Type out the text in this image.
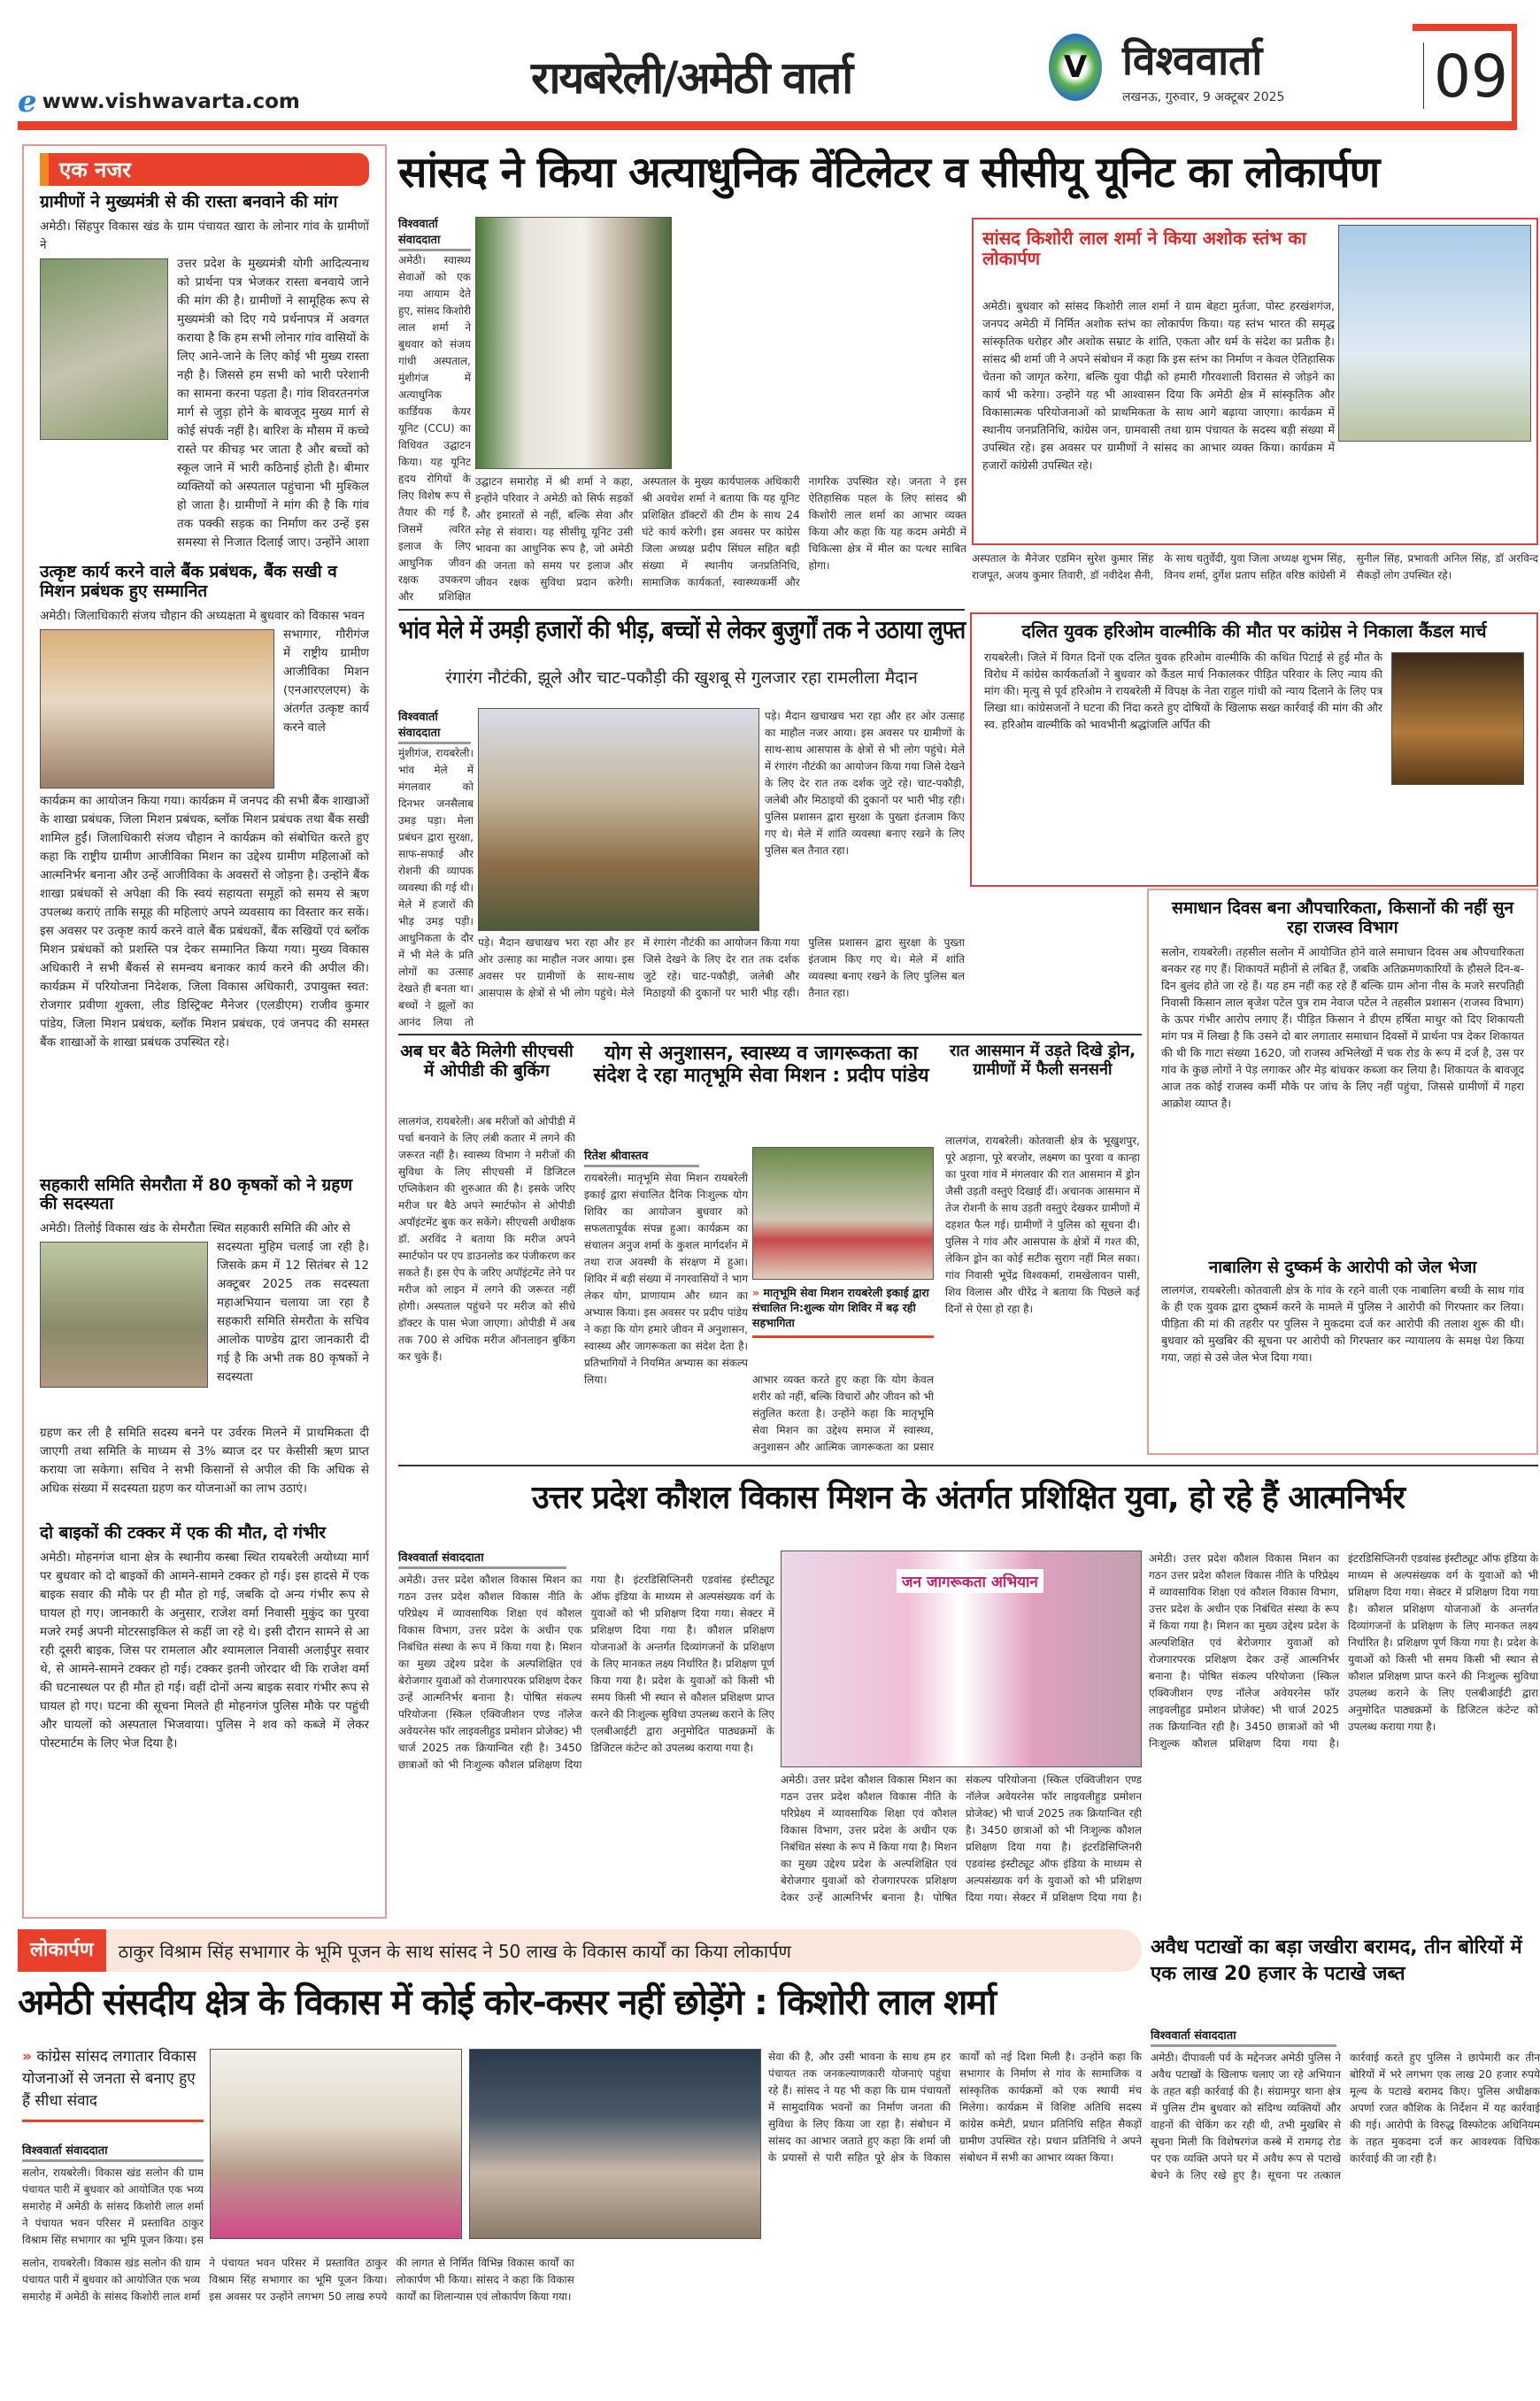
e www.vishwavarta.com	रायबरेली/अमेठी वार्ता	V विश्ववार्ता
लखनऊ, गुरुवार, 9 अक्टूबर 2025	09
एक नजर
ग्रामीणों ने मुख्यमंत्री से की रास्ता बनवाने की मांग
अमेठी। सिंहपुर विकास खंड के ग्राम पंचायत खारा के लोनार गांव के ग्रामीणों ने
उत्तर प्रदेश के मुख्यमंत्री योगी आदित्यनाथ को प्रार्थना पत्र भेजकर रास्ता बनवाये जाने की मांग की है। ग्रामीणों ने सामूहिक रूप से मुख्यमंत्री को दिए गये प्रर्थनापत्र में अवगत कराया है कि हम सभी लोनार गांव वासियों के लिए आने-जाने के लिए कोई भी मुख्य रास्ता नही है। जिससे हम सभी को भारी परेशानी का सामना करना पड़ता है। गांव शिवरतनगंज मार्ग से जुड़ा होने के बावजूद मुख्य मार्ग से कोई संपर्क नहीं है। बारिश के मौसम में कच्चे रास्ते पर कीचड़ भर जाता है और बच्चों को स्कूल जाने में भारी कठिनाई होती है। बीमार व्यक्तियों को अस्पताल पहुंचाना भी मुश्किल हो जाता है। ग्रामीणों ने मांग की है कि गांव तक पक्की सड़क का निर्माण कर उन्हें इस समस्या से निजात दिलाई जाए। उन्होंने आशा
उत्कृष्ट कार्य करने वाले बैंक प्रबंधक, बैंक सखी व मिशन प्रबंधक हुए सम्मानित
अमेठी। जिलाधिकारी संजय चौहान की अध्यक्षता मे बुधवार को विकास भवन
सभागार, गौरीगंज में राष्ट्रीय ग्रामीण आजीविका मिशन (एनआरएलएम) के अंतर्गत उत्कृष्ट कार्य करने वाले
कार्यक्रम का आयोजन किया गया। कार्यक्रम में जनपद की सभी बैंक शाखाओं के शाखा प्रबंधक, जिला मिशन प्रबंधक, ब्लॉक मिशन प्रबंधक तथा बैंक सखी शामिल हुईं। जिलाधिकारी संजय चौहान ने कार्यक्रम को संबोधित करते हुए कहा कि राष्ट्रीय ग्रामीण आजीविका मिशन का उद्देश्य ग्रामीण महिलाओं को आत्मनिर्भर बनाना और उन्हें आजीविका के अवसरों से जोड़ना है। उन्होंने बैंक शाखा प्रबंधकों से अपेक्षा की कि स्वयं सहायता समूहों को समय से ऋण उपलब्ध कराएं ताकि समूह की महिलाएं अपने व्यवसाय का विस्तार कर सकें। इस अवसर पर उत्कृष्ट कार्य करने वाले बैंक प्रबंधकों, बैंक सखियों एवं ब्लॉक मिशन प्रबंधकों को प्रशस्ति पत्र देकर सम्मानित किया गया। मुख्य विकास अधिकारी ने सभी बैंकर्स से समन्वय बनाकर कार्य करने की अपील की। कार्यक्रम में परियोजना निदेशक, जिला विकास अधिकारी, उपायुक्त स्वत: रोजगार प्रवीणा शुक्ला, लीड डिस्ट्रिक्ट मैनेजर (एलडीएम) राजीव कुमार पांडेय, जिला मिशन प्रबंधक, ब्लॉक मिशन प्रबंधक, एवं जनपद की समस्त बैंक शाखाओं के शाखा प्रबंधक उपस्थित रहे।
सहकारी समिति सेमरौता में 80 कृषकों को ने ग्रहण की सदस्यता
अमेठी। तिलोई विकास खंड के सेमरौता स्थित सहकारी समिति की ओर से
सदस्यता मुहिम चलाई जा रही है। जिसके क्रम में 12 सितंबर से 12 अक्टूबर 2025 तक सदस्यता महाअभियान चलाया जा रहा है सहकारी समिति सेमरौता के सचिव आलोक पाण्डेय द्वारा जानकारी दी गई है कि अभी तक 80 कृषकों ने सदस्यता
ग्रहण कर ली है समिति सदस्य बनने पर उर्वरक मिलने में प्राथमिकता दी जाएगी तथा समिति के माध्यम से 3% ब्याज दर पर केसीसी ऋण प्राप्त कराया जा सकेगा। सचिव ने सभी किसानों से अपील की कि अधिक से अधिक संख्या में सदस्यता ग्रहण कर योजनाओं का लाभ उठाएं।
दो बाइकों की टक्कर में एक की मौत, दो गंभीर
अमेठी। मोहनगंज थाना क्षेत्र के स्थानीय कस्बा स्थित रायबरेली अयोध्या मार्ग पर बुधवार को दो बाइकों की आमने-सामने टक्कर हो गई। इस हादसे में एक बाइक सवार की मौके पर ही मौत हो गई, जबकि दो अन्य गंभीर रूप से घायल हो गए। जानकारी के अनुसार, राजेश वर्मा निवासी मुकुंद का पुरवा मजरे रमई अपनी मोटरसाइकिल से कहीं जा रहे थे। इसी दौरान सामने से आ रही दूसरी बाइक, जिस पर रामलाल और श्यामलाल निवासी अलाईपुर सवार थे, से आमने-सामने टक्कर हो गई। टक्कर इतनी जोरदार थी कि राजेश वर्मा की घटनास्थल पर ही मौत हो गई। वहीं दोनों अन्य बाइक सवार गंभीर रूप से घायल हो गए। घटना की सूचना मिलते ही मोहनगंज पुलिस मौके पर पहुंची और घायलों को अस्पताल भिजवाया। पुलिस ने शव को कब्जे में लेकर पोस्टमार्टम के लिए भेज दिया है।
सांसद ने किया अत्याधुनिक वेंटिलेटर व सीसीयू यूनिट का लोकार्पण
विश्ववार्ता संवाददाता
अमेठी। स्वास्थ्य सेवाओं को एक नया आयाम देते हुए, सांसद किशोरी लाल शर्मा ने बुधवार को संजय गांधी अस्पताल, मुंशीगंज में अत्याधुनिक कार्डियक केयर यूनिट (CCU) का विधिवत उद्घाटन किया। यह यूनिट हृदय रोगियों के लिए विशेष रूप से तैयार की गई है, जिसमें त्वरित इलाज के लिए आधुनिक जीवन रक्षक उपकरण और प्रशिक्षित
उद्घाटन समारोह में श्री शर्मा ने कहा, इन्होंने परिवार ने अमेठी को सिर्फ सड़कों और इमारतों से नहीं, बल्कि सेवा और स्नेह से संवारा। यह सीसीयू यूनिट उसी भावना का आधुनिक रूप है, जो अमेठी की जनता को समय पर इलाज और जीवन रक्षक सुविधा प्रदान करेगी। अस्पताल के मुख्य कार्यपालक अधिकारी श्री अवधेश शर्मा ने बताया कि यह यूनिट प्रशिक्षित डॉक्टरों की टीम के साथ 24 घंटे कार्य करेगी। इस अवसर पर कांग्रेस जिला अध्यक्ष प्रदीप सिंघल सहित बड़ी संख्या में स्थानीय जनप्रतिनिधि, सामाजिक कार्यकर्ता, स्वास्थ्यकर्मी और नागरिक उपस्थित रहे। जनता ने इस ऐतिहासिक पहल के लिए सांसद श्री किशोरी लाल शर्मा का आभार व्यक्त किया और कहा कि यह कदम अमेठी में चिकित्सा क्षेत्र में मील का पत्थर साबित होगा।
सांसद किशोरी लाल शर्मा ने किया अशोक स्तंभ का लोकार्पण
अमेठी। बुधवार को सांसद किशोरी लाल शर्मा ने ग्राम बेहटा मुर्तजा, पोस्ट हरखंशगंज, जनपद अमेठी में निर्मित अशोक स्तंभ का लोकार्पण किया। यह स्तंभ भारत की समृद्ध सांस्कृतिक धरोहर और अशोक सम्राट के शांति, एकता और धर्म के संदेश का प्रतीक है। सांसद श्री शर्मा जी ने अपने संबोधन में कहा कि इस स्तंभ का निर्माण न केवल ऐतिहासिक चेतना को जागृत करेगा, बल्कि युवा पीढ़ी को हमारी गौरवशाली विरासत से जोड़ने का कार्य भी करेगा। उन्होंने यह भी आश्वासन दिया कि अमेठी क्षेत्र में सांस्कृतिक और विकासात्मक परियोजनाओं को प्राथमिकता के साथ आगे बढ़ाया जाएगा। कार्यक्रम में स्थानीय जनप्रतिनिधि, कांग्रेस जन, ग्रामवासी तथा ग्राम पंचायत के सदस्य बड़ी संख्या में उपस्थित रहे। इस अवसर पर ग्रामीणों ने सांसद का आभार व्यक्त किया। कार्यक्रम में हजारों कांग्रेसी उपस्थित रहे।
अस्पताल के मैनेजर एडमिन सुरेश कुमार सिंह राजपूत, अजय कुमार तिवारी, डॉ नवीदेश सैनी, के साथ चतुर्वेदी, युवा जिला अध्यक्ष शुभम सिंह, विनय शर्मा, दुर्गेश प्रताप सहित वरिष्ठ कांग्रेसी में सुनील सिंह, प्रभावती अनिल सिंह, डॉ अरविन्द सैकड़ों लोग उपस्थित रहे।
भांव मेले में उमड़ी हजारों की भीड़, बच्चों से लेकर बुजुर्गों तक ने उठाया लुफ्त
रंगारंग नौटंकी, झूले और चाट-पकौड़ी की खुशबू से गुलजार रहा रामलीला मैदान
विश्ववार्ता संवाददाता
मुंशीगंज, रायबरेली। भांव मेले में मंगलवार को दिनभर जनसैलाब उमड़ पड़ा। मेला प्रबंधन द्वारा सुरक्षा, साफ-सफाई और रोशनी की व्यापक व्यवस्था की गई थी। मेले में हजारों की भीड़ उमड़ पड़ी। आधुनिकता के दौर में भी मेले के प्रति लोगों का उत्साह देखते ही बनता था। बच्चों ने झूलों का आनंद लिया तो
पड़े। मैदान खचाखच भरा रहा और हर ओर उत्साह का माहौल नजर आया। इस अवसर पर ग्रामीणों के साथ-साथ आसपास के क्षेत्रों से भी लोग पहुंचे। मेले में रंगारंग नौटंकी का आयोजन किया गया जिसे देखने के लिए देर रात तक दर्शक जुटे रहे। चाट-पकौड़ी, जलेबी और मिठाइयों की दुकानों पर भारी भीड़ रही। पुलिस प्रशासन द्वारा सुरक्षा के पुख्ता इंतजाम किए गए थे। मेले में शांति व्यवस्था बनाए रखने के लिए पुलिस बल तैनात रहा।
पड़े। मैदान खचाखच भरा रहा और हर ओर उत्साह का माहौल नजर आया। इस अवसर पर ग्रामीणों के साथ-साथ आसपास के क्षेत्रों से भी लोग पहुंचे। मेले में रंगारंग नौटंकी का आयोजन किया गया जिसे देखने के लिए देर रात तक दर्शक जुटे रहे। चाट-पकौड़ी, जलेबी और मिठाइयों की दुकानों पर भारी भीड़ रही। पुलिस प्रशासन द्वारा सुरक्षा के पुख्ता इंतजाम किए गए थे। मेले में शांति व्यवस्था बनाए रखने के लिए पुलिस बल तैनात रहा।
दलित युवक हरिओम वाल्मीकि की मौत पर कांग्रेस ने निकाला कैंडल मार्च
रायबरेली। जिले में विगत दिनों एक दलित युवक हरिओम वाल्मीकि की कथित पिटाई से हुई मौत के विरोध में कांग्रेस कार्यकर्ताओं ने बुधवार को कैंडल मार्च निकालकर पीड़ित परिवार के लिए न्याय की मांग की। मृत्यु से पूर्व हरिओम ने रायबरेली में विपक्ष के नेता राहुल गांधी को न्याय दिलाने के लिए पत्र लिखा था। कांग्रेसजनों ने घटना की निंदा करते हुए दोषियों के खिलाफ सख्त कार्रवाई की मांग की और स्व. हरिओम वाल्मीकि को भावभीनी श्रद्धांजलि अर्पित की
समाधान दिवस बना औपचारिकता, किसानों की नहीं सुन रहा राजस्व विभाग
सलोन, रायबरेली। तहसील सलोन में आयोजित होने वाले समाधान दिवस अब औपचारिकता बनकर रह गए हैं। शिकायतें महीनों से लंबित हैं, जबकि अतिक्रमणकारियों के हौसले दिन-ब-दिन बुलंद होते जा रहे हैं। यह हम नहीं कह रहे हैं बल्कि ग्राम ओना नीस के मजरे सरपतिही निवासी किसान लाल बृजेश पटेल पुत्र राम नेवाज पटेल ने तहसील प्रशासन (राजस्व विभाग) के ऊपर गंभीर आरोप लगाए हैं। पीड़ित किसान ने डीएम हर्षिता माथुर को दिए शिकायती मांग पत्र में लिखा है कि उसने दो बार लगातार समाधान दिवसों में प्रार्थना पत्र देकर शिकायत की थी कि गाटा संख्या 1620, जो राजस्व अभिलेखों में चक रोड के रूप में दर्ज है, उस पर गांव के कुछ लोगों ने पेड़ लगाकर और मेड़ बांधकर कब्जा कर लिया है। शिकायत के बावजूद आज तक कोई राजस्व कर्मी मौके पर जांच के लिए नहीं पहुंचा, जिससे ग्रामीणों में गहरा आक्रोश व्याप्त है।
नाबालिग से दुष्कर्म के आरोपी को जेल भेजा
लालगंज, रायबरेली। कोतवाली क्षेत्र के गांव के रहने वाली एक नाबालिग बच्ची के साथ गांव के ही एक युवक द्वारा दुष्कर्म करने के मामले में पुलिस ने आरोपी को गिरफ्तार कर लिया। पीड़िता की मां की तहरीर पर पुलिस ने मुकदमा दर्ज कर आरोपी की तलाश शुरू की थी। बुधवार को मुखबिर की सूचना पर आरोपी को गिरफ्तार कर न्यायालय के समक्ष पेश किया गया, जहां से उसे जेल भेज दिया गया।
अब घर बैठे मिलेगी सीएचसी में ओपीडी की बुकिंग
लालगंज, रायबरेली। अब मरीजों को ओपीडी में पर्चा बनवाने के लिए लंबी कतार में लगने की जरूरत नहीं है। स्वास्थ्य विभाग ने मरीजों की सुविधा के लिए सीएचसी में डिजिटल एप्लिकेशन की शुरुआत की है। इसके जरिए मरीज घर बैठे अपने स्मार्टफोन से ओपीडी अपॉइंटमेंट बुक कर सकेंगे। सीएचसी अधीक्षक डॉ. अरविंद ने बताया कि मरीज अपने स्मार्टफोन पर एप डाउनलोड कर पंजीकरण कर सकते हैं। इस ऐप के जरिए अपॉइंटमेंट लेने पर मरीज को लाइन में लगने की जरूरत नहीं होगी। अस्पताल पहुंचने पर मरीज को सीधे डॉक्टर के पास भेजा जाएगा। ओपीडी में अब तक 700 से अधिक मरीज ऑनलाइन बुकिंग कर चुके हैं।
योग से अनुशासन, स्वास्थ्य व जागरूकता का संदेश दे रहा मातृभूमि सेवा मिशन : प्रदीप पांडेय
रितेश श्रीवास्तव
रायबरेली। मातृभूमि सेवा मिशन रायबरेली इकाई द्वारा संचालित दैनिक निःशुल्क योग शिविर का आयोजन बुधवार को सफलतापूर्वक संपन्न हुआ। कार्यक्रम का संचालन अनुज शर्मा के कुशल मार्गदर्शन में तथा राज अवस्थी के संरक्षण में हुआ। शिविर में बड़ी संख्या में नगरवासियों ने भाग लेकर योग, प्राणायाम और ध्यान का अभ्यास किया। इस अवसर पर प्रदीप पांडेय ने कहा कि योग हमारे जीवन में अनुशासन, स्वास्थ्य और जागरूकता का संदेश देता है। प्रतिभागियों ने नियमित अभ्यास का संकल्प लिया।
» मातृभूमि सेवा मिशन रायबरेली इकाई द्वारा संचालित नि:शुल्क योग शिविर में बढ़ रही सहभागिता
आभार व्यक्त करते हुए कहा कि योग केवल शरीर को नहीं, बल्कि विचारों और जीवन को भी संतुलित करता है। उन्होंने कहा कि मातृभूमि सेवा मिशन का उद्देश्य समाज में स्वास्थ्य, अनुशासन और आत्मिक जागरूकता का प्रसार
रात आसमान में उड़ते दिखे ड्रोन, ग्रामीणों में फैली सनसनी
लालगंज, रायबरेली। कोतवाली क्षेत्र के भूखुशपुर, पूरे अड़ाना, पूरे बरजोर, लक्ष्मण का पुरवा व कान्हा का पुरवा गांव में मंगलवार की रात आसमान में ड्रोन जैसी उड़ती वस्तुएं दिखाई दीं। अचानक आसमान में तेज रोशनी के साथ उड़ती वस्तुएं देखकर ग्रामीणों में दहशत फैल गई। ग्रामीणों ने पुलिस को सूचना दी। पुलिस ने गांव और आसपास के क्षेत्रों में गश्त की, लेकिन ड्रोन का कोई सटीक सुराग नहीं मिल सका। गांव निवासी भूपेंद्र विश्वकर्मा, रामखेलावन पासी, शिव विलास और धीरेंद्र ने बताया कि पिछले कई दिनों से ऐसा हो रहा है।
उत्तर प्रदेश कौशल विकास मिशन के अंतर्गत प्रशिक्षित युवा, हो रहे हैं आत्मनिर्भर
विश्ववार्ता संवाददाता
अमेठी। उत्तर प्रदेश कौशल विकास मिशन का गठन उत्तर प्रदेश कौशल विकास नीति के परिप्रेक्ष्य में व्यावसायिक शिक्षा एवं कौशल विकास विभाग, उत्तर प्रदेश के अधीन एक निबंधित संस्था के रूप में किया गया है। मिशन का मुख्य उद्देश्य प्रदेश के अल्पशिक्षित एवं बेरोजगार युवाओं को रोजगारपरक प्रशिक्षण देकर उन्हें आत्मनिर्भर बनाना है। पोषित संकल्प परियोजना (स्किल एक्विजीशन एण्ड नॉलेज अवेयरनेस फॉर लाइवलीहुड प्रमोशन प्रोजेक्ट) भी चार्ज 2025 तक क्रियान्वित रही है। 3450 छात्राओं को भी निःशुल्क कौशल प्रशिक्षण दिया गया है। इंटरडिसिप्लिनरी एडवांस्ड इंस्टीट्यूट ऑफ इंडिया के माध्यम से अल्पसंख्यक वर्ग के युवाओं को भी प्रशिक्षण दिया गया। सेक्टर में प्रशिक्षण दिया गया है। कौशल प्रशिक्षण योजनाओं के अन्तर्गत दिव्यांगजनों के प्रशिक्षण के लिए मानकत लक्ष्य निर्धारित है। प्रशिक्षण पूर्ण किया गया है। प्रदेश के युवाओं को किसी भी समय किसी भी स्थान से कौशल प्रशिक्षण प्राप्त करने की निःशुल्क सुविधा उपलब्ध कराने के लिए एलबीआईटी द्वारा अनुमोदित पाठ्यक्रमों के डिजिटल कंटेन्ट को उपलब्ध कराया गया है।
जन जागरूकता अभियान
अमेठी। उत्तर प्रदेश कौशल विकास मिशन का गठन उत्तर प्रदेश कौशल विकास नीति के परिप्रेक्ष्य में व्यावसायिक शिक्षा एवं कौशल विकास विभाग, उत्तर प्रदेश के अधीन एक निबंधित संस्था के रूप में किया गया है। मिशन का मुख्य उद्देश्य प्रदेश के अल्पशिक्षित एवं बेरोजगार युवाओं को रोजगारपरक प्रशिक्षण देकर उन्हें आत्मनिर्भर बनाना है। पोषित संकल्प परियोजना (स्किल एक्विजीशन एण्ड नॉलेज अवेयरनेस फॉर लाइवलीहुड प्रमोशन प्रोजेक्ट) भी चार्ज 2025 तक क्रियान्वित रही है। 3450 छात्राओं को भी निःशुल्क कौशल प्रशिक्षण दिया गया है। इंटरडिसिप्लिनरी एडवांस्ड इंस्टीट्यूट ऑफ इंडिया के माध्यम से अल्पसंख्यक वर्ग के युवाओं को भी प्रशिक्षण दिया गया। सेक्टर में प्रशिक्षण दिया गया है।
अमेठी। उत्तर प्रदेश कौशल विकास मिशन का गठन उत्तर प्रदेश कौशल विकास नीति के परिप्रेक्ष्य में व्यावसायिक शिक्षा एवं कौशल विकास विभाग, उत्तर प्रदेश के अधीन एक निबंधित संस्था के रूप में किया गया है। मिशन का मुख्य उद्देश्य प्रदेश के अल्पशिक्षित एवं बेरोजगार युवाओं को रोजगारपरक प्रशिक्षण देकर उन्हें आत्मनिर्भर बनाना है। पोषित संकल्प परियोजना (स्किल एक्विजीशन एण्ड नॉलेज अवेयरनेस फॉर लाइवलीहुड प्रमोशन प्रोजेक्ट) भी चार्ज 2025 तक क्रियान्वित रही है। 3450 छात्राओं को भी निःशुल्क कौशल प्रशिक्षण दिया गया है। इंटरडिसिप्लिनरी एडवांस्ड इंस्टीट्यूट ऑफ इंडिया के माध्यम से अल्पसंख्यक वर्ग के युवाओं को भी प्रशिक्षण दिया गया। सेक्टर में प्रशिक्षण दिया गया है। कौशल प्रशिक्षण योजनाओं के अन्तर्गत दिव्यांगजनों के प्रशिक्षण के लिए मानकत लक्ष्य निर्धारित है। प्रशिक्षण पूर्ण किया गया है। प्रदेश के युवाओं को किसी भी समय किसी भी स्थान से कौशल प्रशिक्षण प्राप्त करने की निःशुल्क सुविधा उपलब्ध कराने के लिए एलबीआईटी द्वारा अनुमोदित पाठ्यक्रमों के डिजिटल कंटेन्ट को उपलब्ध कराया गया है।
लोकार्पण	ठाकुर विश्राम सिंह सभागार के भूमि पूजन के साथ सांसद ने 50 लाख के विकास कार्यों का किया लोकार्पण
अमेठी संसदीय क्षेत्र के विकास में कोई कोर-कसर नहीं छोड़ेंगे : किशोरी लाल शर्मा
» कांग्रेस सांसद लगातार विकास योजनाओं से जनता से बनाए हुए हैं सीधा संवाद
विश्ववार्ता संवाददाता
सलोन, रायबरेली। विकास खंड सलोन की ग्राम पंचायत पारी में बुधवार को आयोजित एक भव्य समारोह में अमेठी के सांसद किशोरी लाल शर्मा ने पंचायत भवन परिसर में प्रस्तावित ठाकुर विश्राम सिंह सभागार का भूमि पूजन किया। इस
सलोन, रायबरेली। विकास खंड सलोन की ग्राम पंचायत पारी में बुधवार को आयोजित एक भव्य समारोह में अमेठी के सांसद किशोरी लाल शर्मा ने पंचायत भवन परिसर में प्रस्तावित ठाकुर विश्राम सिंह सभागार का भूमि पूजन किया। इस अवसर पर उन्होंने लगभग 50 लाख रुपये की लागत से निर्मित विभिन्न विकास कार्यों का लोकार्पण भी किया। सांसद ने कहा कि विकास कार्यों का शिलान्यास एवं लोकार्पण किया गया।
सेवा की है, और उसी भावना के साथ हम हर पंचायत तक जनकल्याणकारी योजनाएं पहुंचा रहे हैं। सांसद ने यह भी कहा कि ग्राम पंचायतों में सामुदायिक भवनों का निर्माण जनता की सुविधा के लिए किया जा रहा है। संबोधन में सांसद का आभार जताते हुए कहा कि शर्मा जी के प्रयासों से पारी सहित पूरे क्षेत्र के विकास कार्यों को नई दिशा मिली है। उन्होंने कहा कि सभागार के निर्माण से गांव के सामाजिक व सांस्कृतिक कार्यक्रमों को एक स्थायी मंच मिलेगा। कार्यक्रम में विशिष्ट अतिथि सदस्य कांग्रेस कमेटी, प्रधान प्रतिनिधि सहित सैकड़ों ग्रामीण उपस्थित रहे। प्रधान प्रतिनिधि ने अपने संबोधन में सभी का आभार व्यक्त किया।
अवैध पटाखों का बड़ा जखीरा बरामद, तीन बोरियों में एक लाख 20 हजार के पटाखे जब्त
विश्ववार्ता संवाददाता
अमेठी। दीपावली पर्व के मद्देनजर अमेठी पुलिस ने अवैध पटाखों के खिलाफ चलाए जा रहे अभियान के तहत बड़ी कार्रवाई की है। संग्रामपुर थाना क्षेत्र में पुलिस टीम बुधवार को संदिग्ध व्यक्तियों और वाहनों की चेकिंग कर रही थी, तभी मुखबिर से सूचना मिली कि विशेषरगंज कस्बे में रामगढ़ रोड पर एक व्यक्ति अपने घर में अवैध रूप से पटाखे बेचने के लिए रखे हुए है। सूचना पर तत्काल कार्रवाई करते हुए पुलिस ने छापेमारी कर तीन बोरियों में भरे लगभग एक लाख 20 हजार रुपये मूल्य के पटाखे बरामद किए। पुलिस अधीक्षक अपर्णा रजत कौशिक के निर्देशन में यह कार्रवाई की गई। आरोपी के विरुद्ध विस्फोटक अधिनियम के तहत मुकदमा दर्ज कर आवश्यक विधिक कार्रवाई की जा रही है।
